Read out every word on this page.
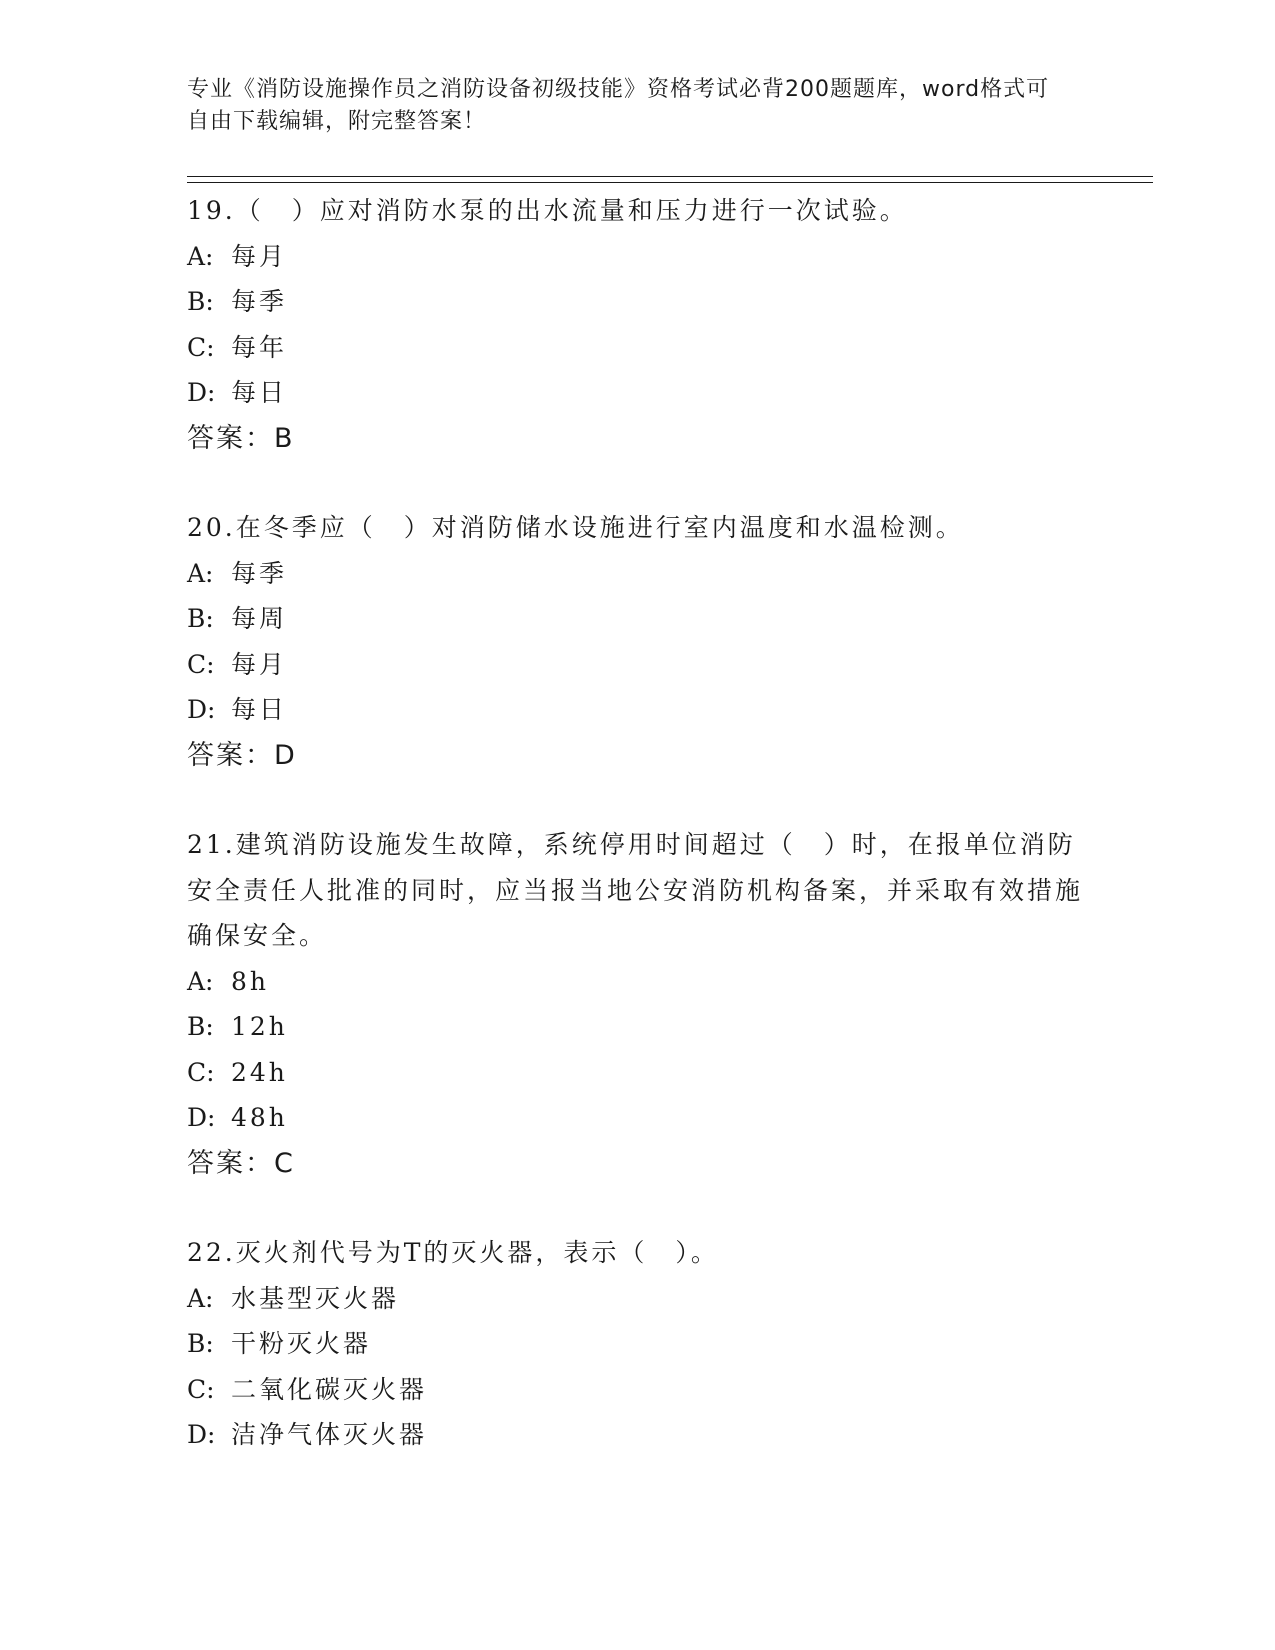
专业《消防设施操作员之消防设备初级技能》资格考试必背200题题库，word格式可自由下载编辑，附完整答案！
19.（　）应对消防水泵的出水流量和压力进行一次试验。
A: 每月
B: 每季
C: 每年
D: 每日
答案：B
20.在冬季应（　）对消防储水设施进行室内温度和水温检测。
A: 每季
B: 每周
C: 每月
D: 每日
答案：D
21.建筑消防设施发生故障，系统停用时间超过（　）时，在报单位消防安全责任人批准的同时，应当报当地公安消防机构备案，并采取有效措施确保安全。
A: 8h
B: 12h
C: 24h
D: 48h
答案：C
22.灭火剂代号为T的灭火器，表示（　）。
A: 水基型灭火器
B: 干粉灭火器
C: 二氧化碳灭火器
D: 洁净气体灭火器
